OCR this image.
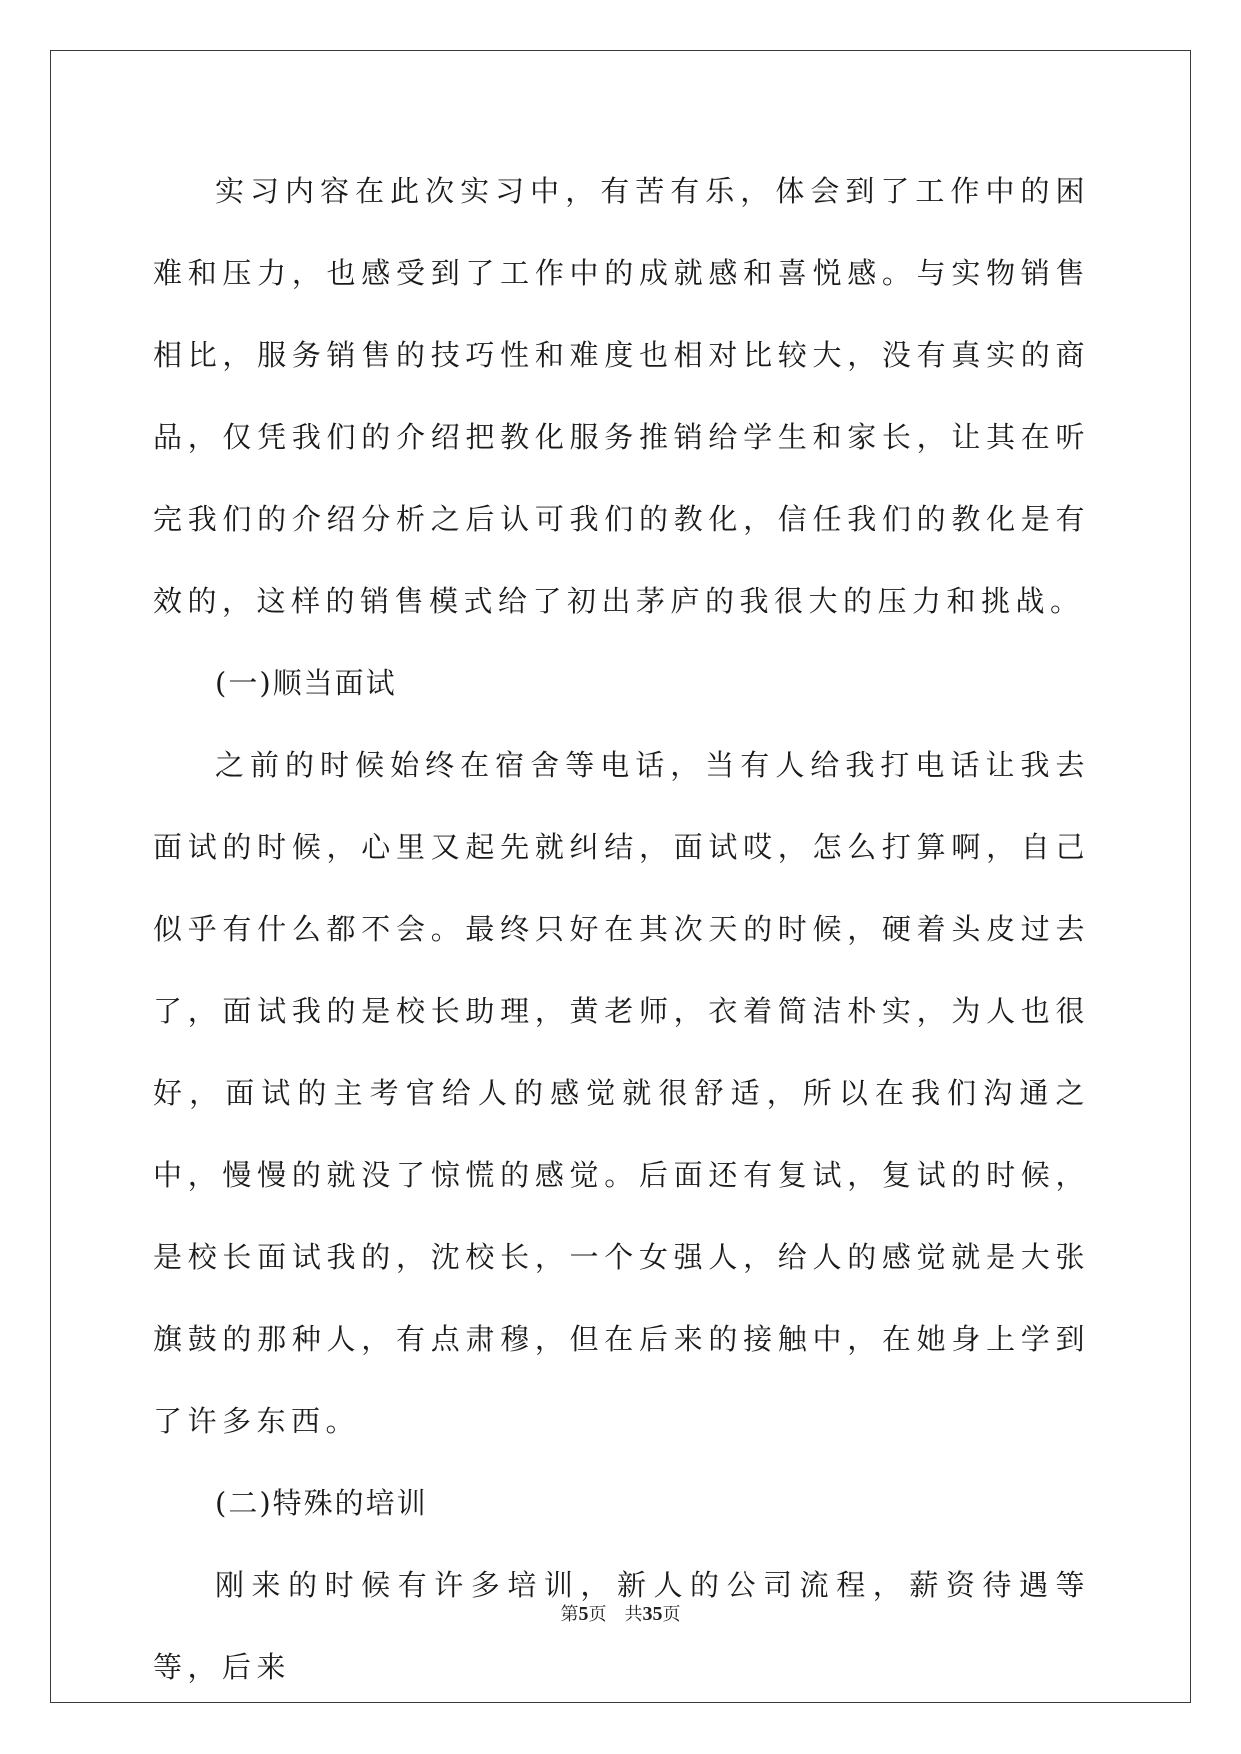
实习内容在此次实习中，有苦有乐，体会到了工作中的困难和压力，也感受到了工作中的成就感和喜悦感。与实物销售相比，服务销售的技巧性和难度也相对比较大，没有真实的商品，仅凭我们的介绍把教化服务推销给学生和家长，让其在听完我们的介绍分析之后认可我们的教化，信任我们的教化是有效的，这样的销售模式给了初出茅庐的我很大的压力和挑战。

(一)顺当面试

之前的时候始终在宿舍等电话，当有人给我打电话让我去面试的时候，心里又起先就纠结，面试哎，怎么打算啊，自己似乎有什么都不会。最终只好在其次天的时候，硬着头皮过去了，面试我的是校长助理，黄老师，衣着简洁朴实，为人也很好，面试的主考官给人的感觉就很舒适，所以在我们沟通之中，慢慢的就没了惊慌的感觉。后面还有复试，复试的时候，是校长面试我的，沈校长，一个女强人，给人的感觉就是大张旗鼓的那种人，有点肃穆，但在后来的接触中，在她身上学到了许多东西。

(二)特殊的培训

刚来的时候有许多培训，新人的公司流程，薪资待遇等等，后来

第5页 共35页
